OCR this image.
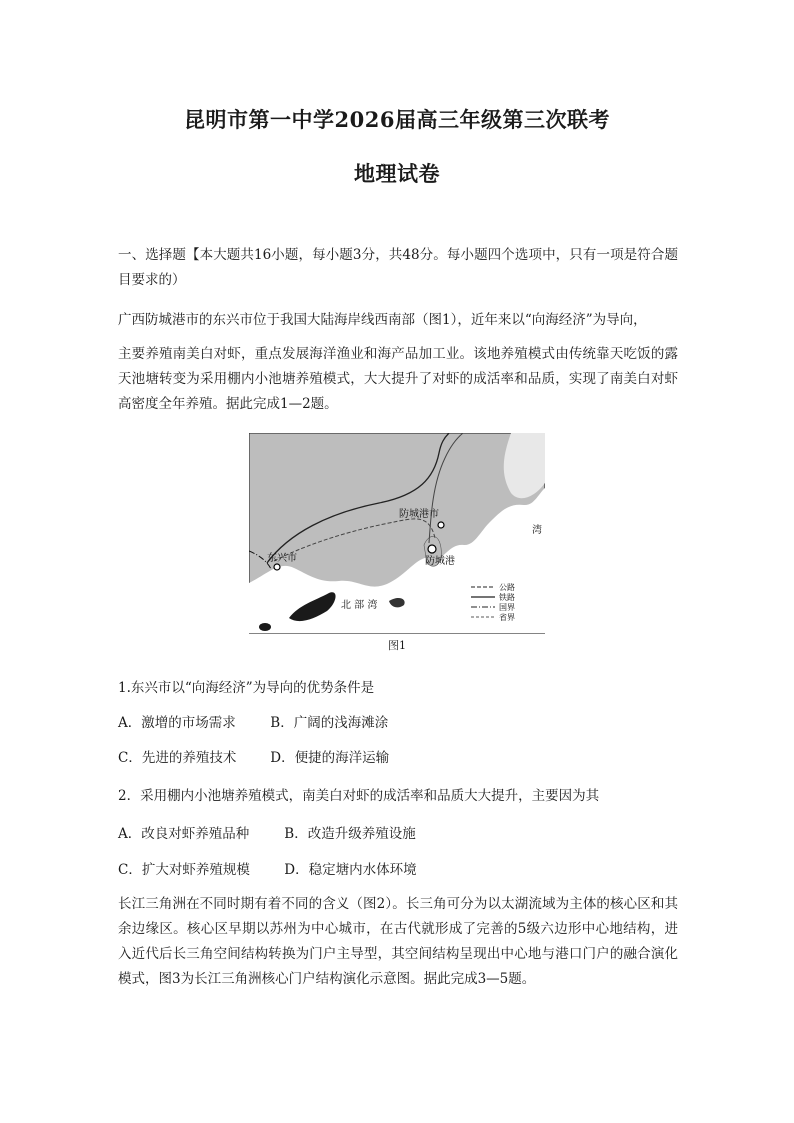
昆明市第一中学2026届高三年级第三次联考
地理试卷
一、选择题【本大题共16小题，每小题3分，共48分。每小题四个选项中，只有一项是符合题目要求的）
广西防城港市的东兴市位于我国大陆海岸线西南部（图1），近年来以“向海经济”为导向，
主要养殖南美白对虾，重点发展海洋渔业和海产品加工业。该地养殖模式由传统靠天吃饭的露天池塘转变为采用棚内小池塘养殖模式，大大提升了对虾的成活率和品质，实现了南美白对虾高密度全年养殖。据此完成1—2题。
防城港市
东兴市	防城港
北 部 湾
湾
公路
铁路
国界
省界
图1
1.东兴市以“向海经济”为导向的优势条件是
A．激增的市场需求	B．广阔的浅海滩涂
C．先进的养殖技术	D．便捷的海洋运输
2．采用棚内小池塘养殖模式，南美白对虾的成活率和品质大大提升，主要因为其
A．改良对虾养殖品种	B．改造升级养殖设施
C．扩大对虾养殖规模	D．稳定塘内水体环境
长江三角洲在不同时期有着不同的含义（图2）。长三角可分为以太湖流域为主体的核心区和其余边缘区。核心区早期以苏州为中心城市，在古代就形成了完善的5级六边形中心地结构，进入近代后长三角空间结构转换为门户主导型，其空间结构呈现出中心地与港口门户的融合演化模式，图3为长江三角洲核心门户结构演化示意图。据此完成3—5题。
